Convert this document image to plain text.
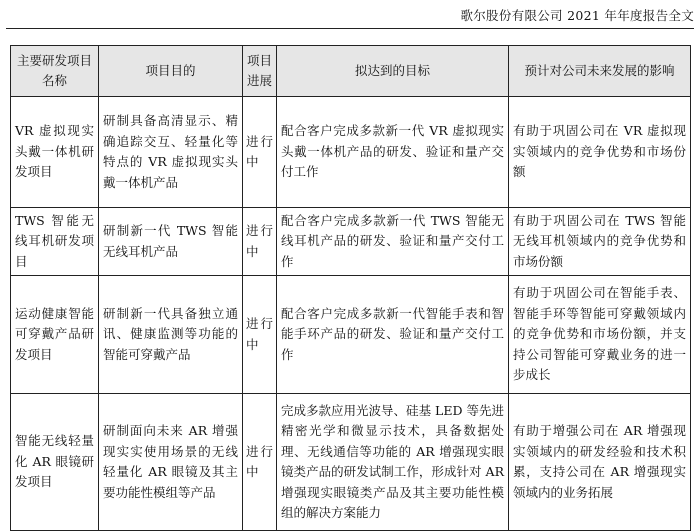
歌尔股份有限公司 2021 年年度报告全文
主要研发项目名称	项目目的	项目进展	拟达到的目标	预计对公司未来发展的影响
VR 虚拟现实头戴一体机研发项目	研制具备高清显示、精确追踪交互、轻量化等特点的 VR 虚拟现实头戴一体机产品	进行中	配合客户完成多款新一代 VR 虚拟现实头戴一体机产品的研发、验证和量产交付工作	有助于巩固公司在 VR 虚拟现实领域内的竞争优势和市场份额
TWS 智能无线耳机研发项目	研制新一代 TWS 智能无线耳机产品	进行中	配合客户完成多款新一代 TWS 智能无线耳机产品的研发、验证和量产交付工作	有助于巩固公司在 TWS 智能无线耳机领域内的竞争优势和市场份额
运动健康智能可穿戴产品研发项目	研制新一代具备独立通讯、健康监测等功能的智能可穿戴产品	进行中	配合客户完成多款新一代智能手表和智能手环产品的研发、验证和量产交付工作	有助于巩固公司在智能手表、智能手环等智能可穿戴领域内的竞争优势和市场份额，并支持公司智能可穿戴业务的进一步成长
智能无线轻量化 AR 眼镜研发项目	研制面向未来 AR 增强现实实使用场景的无线轻量化 AR 眼镜及其主要功能性模组等产品	进行中	完成多款应用光波导、硅基 LED 等先进精密光学和微显示技术，具备数据处理、无线通信等功能的 AR 增强现实眼镜类产品的研发试制工作，形成针对 AR 增强现实眼镜类产品及其主要功能性模组的解决方案能力	有助于增强公司在 AR 增强现实领域内的研发经验和技术积累，支持公司在 AR 增强现实领域内的业务拓展
